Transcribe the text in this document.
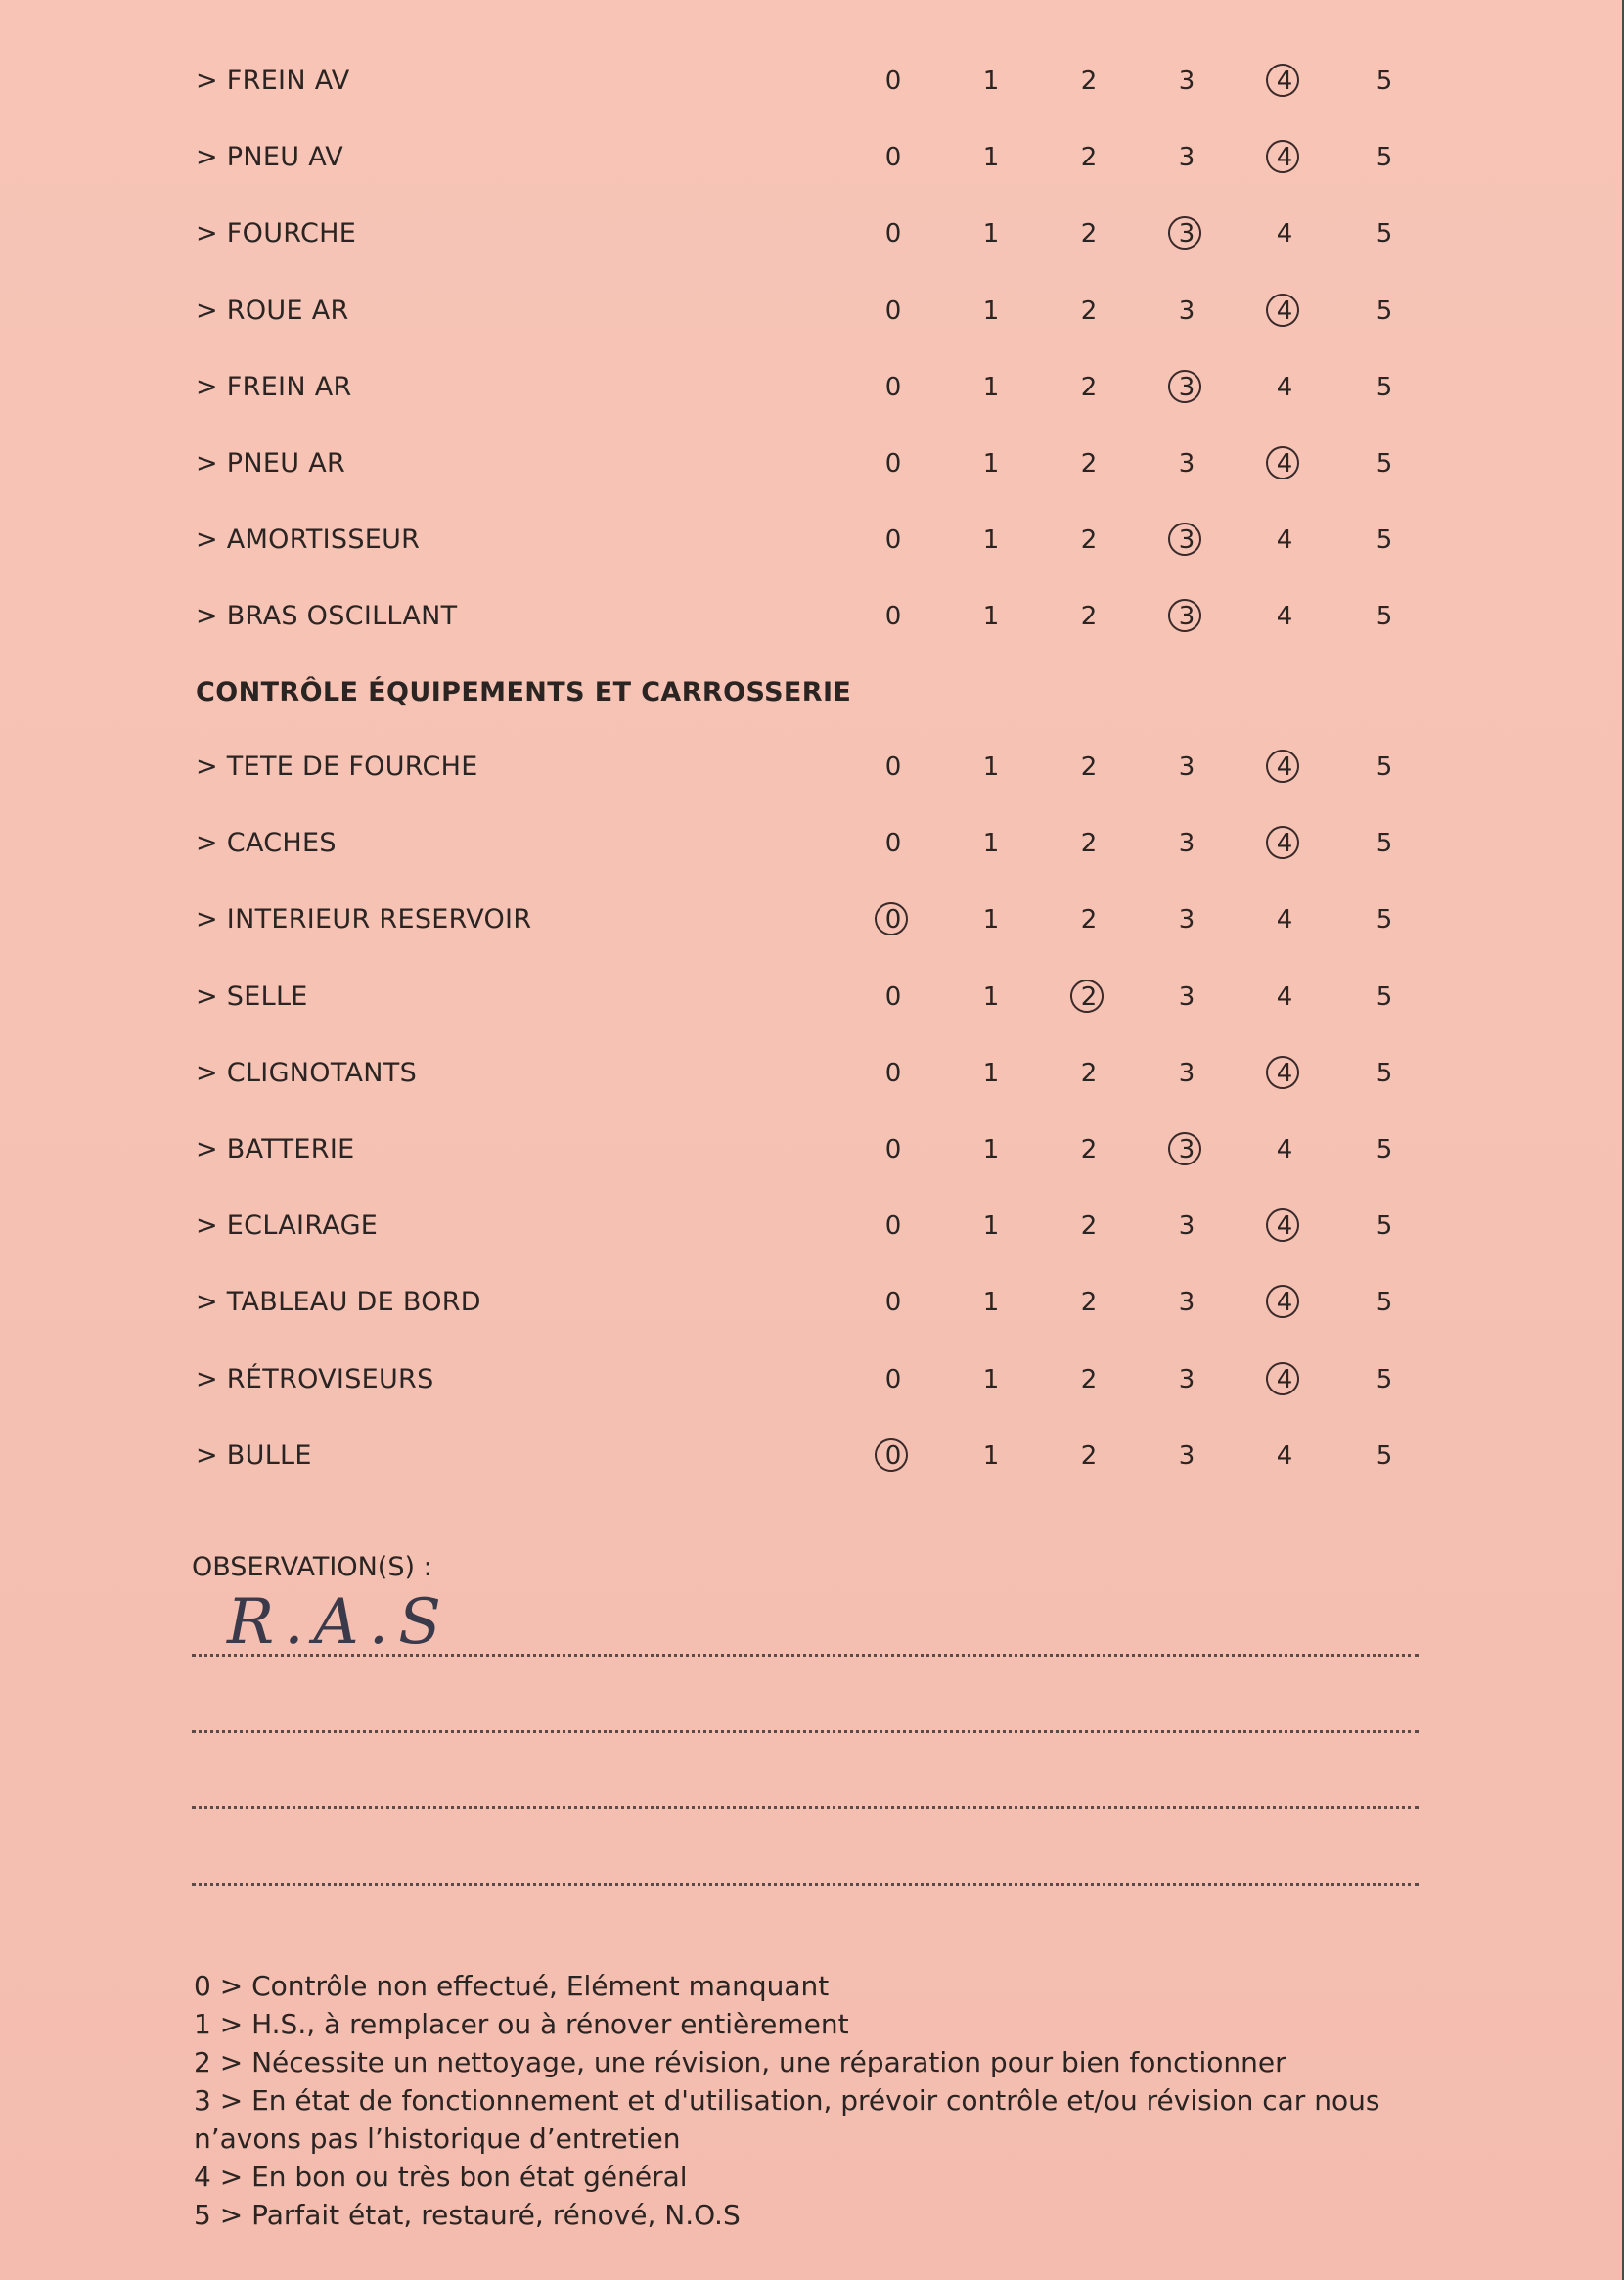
> FREIN AV	0	1	2	3	4	5
> PNEU AV	0	1	2	3	4	5
> FOURCHE	0	1	2	3	4	5
> ROUE AR	0	1	2	3	4	5
> FREIN AR	0	1	2	3	4	5
> PNEU AR	0	1	2	3	4	5
> AMORTISSEUR	0	1	2	3	4	5
> BRAS OSCILLANT	0	1	2	3	4	5
> TETE DE FOURCHE	0	1	2	3	4	5
> CACHES	0	1	2	3	4	5
> INTERIEUR RESERVOIR	0	1	2	3	4	5
> SELLE	0	1	2	3	4	5
> CLIGNOTANTS	0	1	2	3	4	5
> BATTERIE	0	1	2	3	4	5
> ECLAIRAGE	0	1	2	3	4	5
> TABLEAU DE BORD	0	1	2	3	4	5
> RÉTROVISEURS	0	1	2	3	4	5
> BULLE	0	1	2	3	4	5
CONTRÔLE ÉQUIPEMENTS ET CARROSSERIE
OBSERVATION(S) :
R.A.S
0 > Contrôle non effectué, Elément manquant
1 > H.S., à remplacer ou à rénover entièrement
2 > Nécessite un nettoyage, une révision, une réparation pour bien fonctionner
3 > En état de fonctionnement et d'utilisation, prévoir contrôle et/ou révision car nous n’avons pas l’historique d’entretien
4 > En bon ou très bon état général
5 > Parfait état, restauré, rénové, N.O.S
